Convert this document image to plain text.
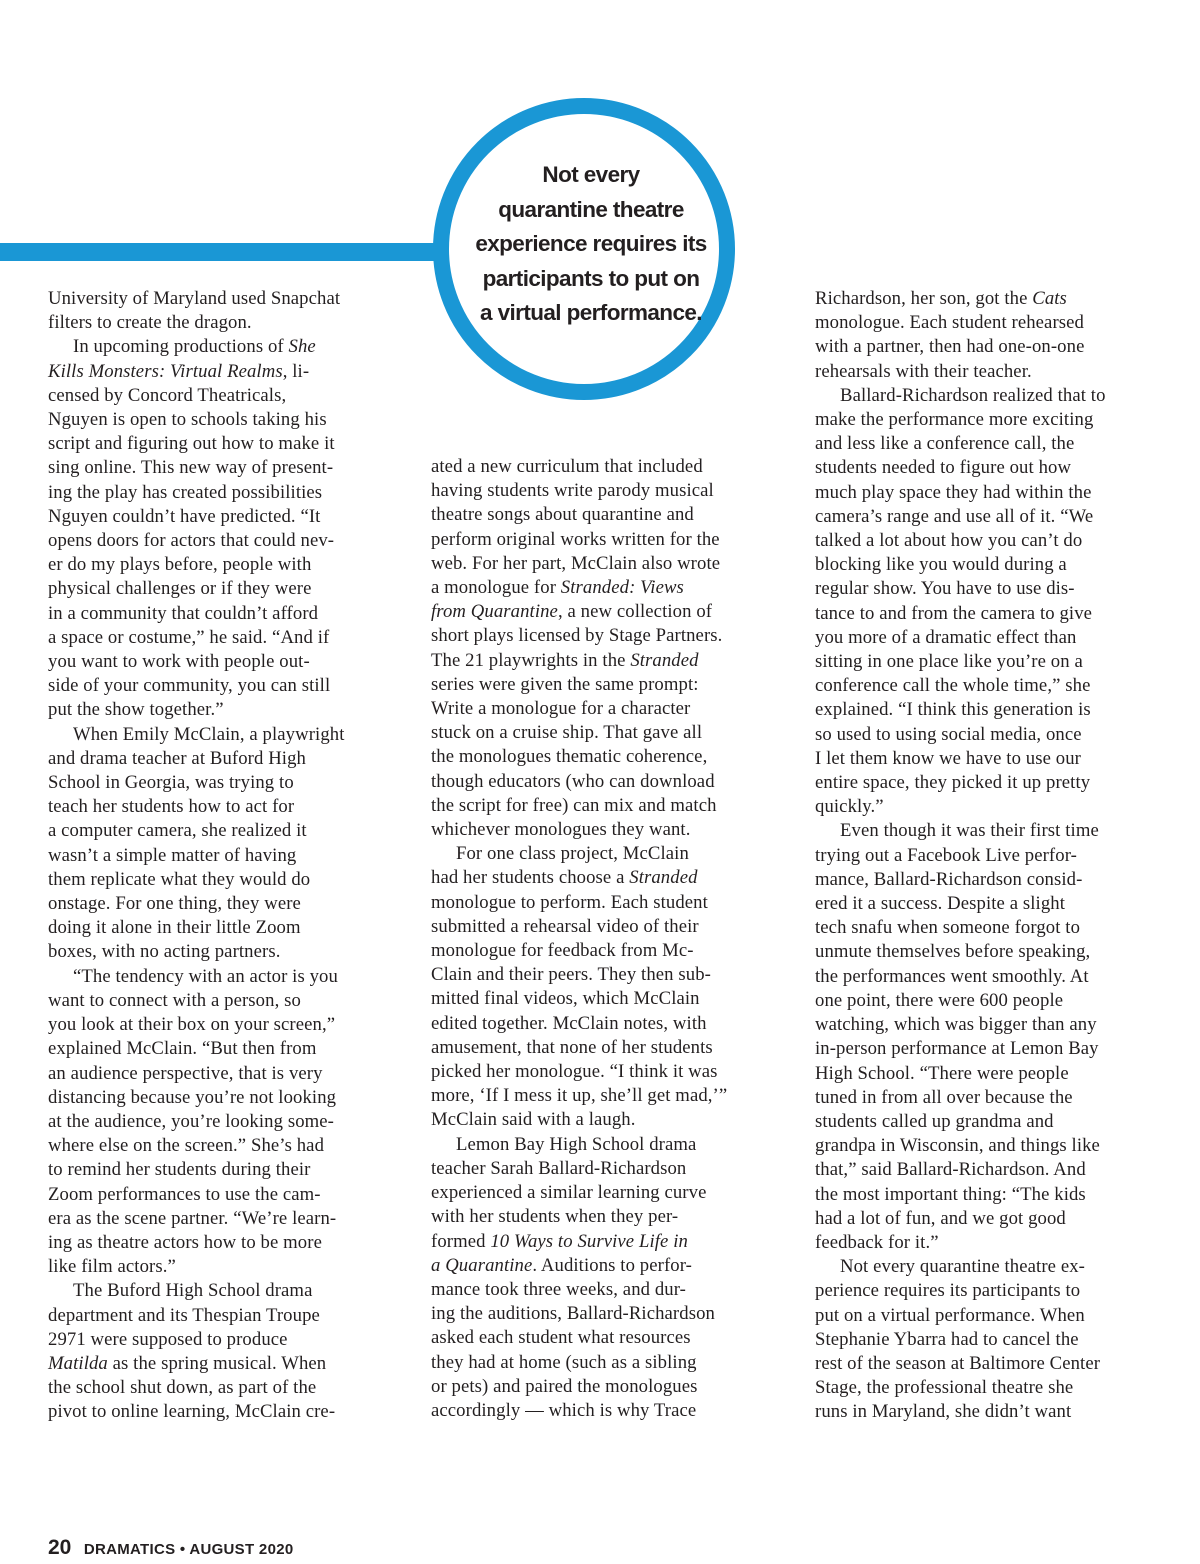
Not every
quarantine theatre
experience requires its
participants to put on
a virtual performance.

University of Maryland used Snapchat

filters to create the dragon.

In upcoming productions of She

Kills Monsters: Virtual Realms, li-

censed by Concord Theatricals,

Nguyen is open to schools taking his

script and figuring out how to make it

sing online. This new way of present-

ing the play has created possibilities

Nguyen couldn’t have predicted. “It

opens doors for actors that could nev-

er do my plays before, people with

physical challenges or if they were

in a community that couldn’t afford

a space or costume,” he said. “And if

you want to work with people out-

side of your community, you can still

put the show together.”

When Emily McClain, a playwright

and drama teacher at Buford High

School in Georgia, was trying to

teach her students how to act for

a computer camera, she realized it

wasn’t a simple matter of having

them replicate what they would do

onstage. For one thing, they were

doing it alone in their little Zoom

boxes, with no acting partners.

“The tendency with an actor is you

want to connect with a person, so

you look at their box on your screen,”

explained McClain. “But then from

an audience perspective, that is very

distancing because you’re not looking

at the audience, you’re looking some-

where else on the screen.” She’s had

to remind her students during their

Zoom performances to use the cam-

era as the scene partner. “We’re learn-

ing as theatre actors how to be more

like film actors.”

The Buford High School drama

department and its Thespian Troupe

2971 were supposed to produce

Matilda as the spring musical. When

the school shut down, as part of the

pivot to online learning, McClain cre-

ated a new curriculum that included

having students write parody musical

theatre songs about quarantine and

perform original works written for the

web. For her part, McClain also wrote

a monologue for Stranded: Views

from Quarantine, a new collection of

short plays licensed by Stage Partners.

The 21 playwrights in the Stranded

series were given the same prompt:

Write a monologue for a character

stuck on a cruise ship. That gave all

the monologues thematic coherence,

though educators (who can download

the script for free) can mix and match

whichever monologues they want.

For one class project, McClain

had her students choose a Stranded

monologue to perform. Each student

submitted a rehearsal video of their

monologue for feedback from Mc-

Clain and their peers. They then sub-

mitted final videos, which McClain

edited together. McClain notes, with

amusement, that none of her students

picked her monologue. “I think it was

more, ‘If I mess it up, she’ll get mad,’”

McClain said with a laugh.

Lemon Bay High School drama

teacher Sarah Ballard-Richardson

experienced a similar learning curve

with her students when they per-

formed 10 Ways to Survive Life in

a Quarantine. Auditions to perfor-

mance took three weeks, and dur-

ing the auditions, Ballard-Richardson

asked each student what resources

they had at home (such as a sibling

or pets) and paired the monologues

accordingly — which is why Trace

Richardson, her son, got the Cats

monologue. Each student rehearsed

with a partner, then had one-on-one

rehearsals with their teacher.

Ballard-Richardson realized that to

make the performance more exciting

and less like a conference call, the

students needed to figure out how

much play space they had within the

camera’s range and use all of it. “We

talked a lot about how you can’t do

blocking like you would during a

regular show. You have to use dis-

tance to and from the camera to give

you more of a dramatic effect than

sitting in one place like you’re on a

conference call the whole time,” she

explained. “I think this generation is

so used to using social media, once

I let them know we have to use our

entire space, they picked it up pretty

quickly.”

Even though it was their first time

trying out a Facebook Live perfor-

mance, Ballard-Richardson consid-

ered it a success. Despite a slight

tech snafu when someone forgot to

unmute themselves before speaking,

the performances went smoothly. At

one point, there were 600 people

watching, which was bigger than any

in-person performance at Lemon Bay

High School. “There were people

tuned in from all over because the

students called up grandma and

grandpa in Wisconsin, and things like

that,” said Ballard-Richardson. And

the most important thing: “The kids

had a lot of fun, and we got good

feedback for it.”

Not every quarantine theatre ex-

perience requires its participants to

put on a virtual performance. When

Stephanie Ybarra had to cancel the

rest of the season at Baltimore Center

Stage, the professional theatre she

runs in Maryland, she didn’t want

20 DRAMATICS • AUGUST 2020
